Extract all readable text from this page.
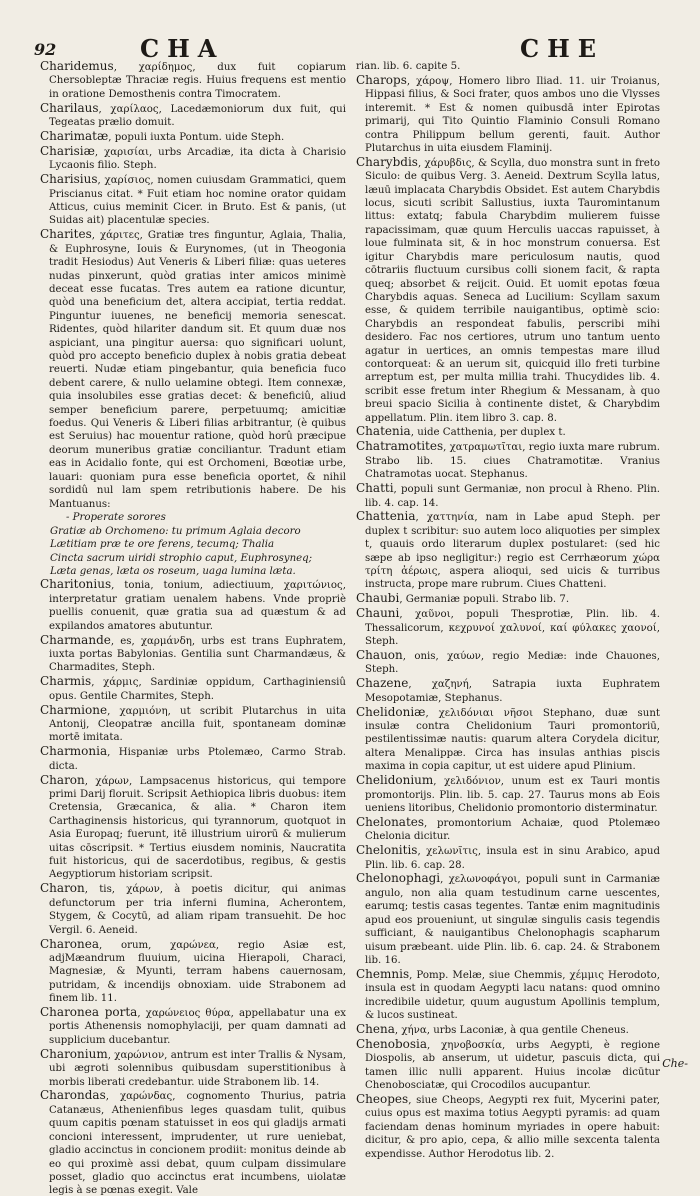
92	CHA	CHE

Charidemus, χαρίδημος, dux fuit copiarum Chersobleptæ Thraciæ regis. Huius frequens est mentio in oratione Demosthenis contra Timocratem.

Charilaus, χαρίλαος, Lacedæmoniorum dux fuit, qui Tegeatas prælio domuit.

Charimatæ, populi iuxta Pontum. uide Steph.

Charisiæ, χαρισίαι, urbs Arcadiæ, ita dicta à Charisio Lycaonis filio. Steph.

Charisius, χαρίσιος, nomen cuiusdam Grammatici, quem Priscianus citat. * Fuit etiam hoc nomine orator quidam Atticus, cuius meminit Cicer. in Bruto. Est & panis, (ut Suidas ait) placentulæ species.

Charites, χάριτες, Gratiæ tres finguntur, Aglaia, Thalia, & Euphrosyne, Iouis & Eurynomes, (ut in Theogonia tradit Hesiodus) Aut Veneris & Liberi filiæ: quas ueteres nudas pinxerunt, quòd gratias inter amicos minimè deceat esse fucatas. Tres autem ea ratione dicuntur, quòd una beneficium det, altera accipiat, tertia reddat. Pinguntur iuuenes, ne beneficij memoria senescat. Ridentes, quòd hilariter dandum sit. Et quum duæ nos aspiciant, una pingitur auersa: quo significari uolunt, quòd pro accepto beneficio duplex à nobis gratia debeat reuerti. Nudæ etiam pingebantur, quia beneficia fuco debent carere, & nullo uelamine obtegi. Item connexæ, quia insolubiles esse gratias decet: & beneficiû, aliud semper beneficium parere, perpetuumq; amicitiæ foedus. Qui Veneris & Liberi filias arbitrantur, (è quibus est Seruius) hac mouentur ratione, quòd horû præcipue deorum muneribus gratiæ conciliantur. Tradunt etiam eas in Acidalio fonte, qui est Orchomeni, Bœotiæ urbe, lauari: quoniam pura esse beneficia oportet, & nihil sordidû nul lam spem retributionis habere. De his Mantuanus:

- Properate sorores

Gratiæ ab Orchomeno: tu primum Aglaia decoro

Lætitiam præ te ore ferens, tecumq; Thalia

Cincta sacrum uiridi strophio caput, Euphrosyneq;

Læta genas, læta os roseum, uaga lumina læta.

Charitonius, tonia, tonium, adiectiuum, χαριτώνιος, interpretatur gratiam uenalem habens. Vnde propriè puellis conuenit, quæ gratia sua ad quæstum & ad expilandos amatores abutuntur.

Charmande, es, χαρμάνδη, urbs est trans Euphratem, iuxta portas Babylonias. Gentilia sunt Charmandæus, & Charmadites, Steph.

Charmis, χάρμις, Sardiniæ oppidum, Carthaginiensiû opus. Gentile Charmites, Steph.

Charmione, χαρμιόνη, ut scribit Plutarchus in uita Antonij, Cleopatræ ancilla fuit, spontaneam dominæ mortē imitata.

Charmonia, Hispaniæ urbs Ptolemæo, Carmo Strab. dicta.

Charon, χάρων, Lampsacenus historicus, qui tempore primi Darij floruit. Scripsit Aethiopica libris duobus: item Cretensia, Græcanica, & alia. * Charon item Carthaginensis historicus, qui tyrannorum, quotquot in Asia Europaq; fuerunt, itē illustrium uirorū & mulierum uitas cōscripsit. * Tertius eiusdem nominis, Naucratita fuit historicus, qui de sacerdotibus, regibus, & gestis Aegyptiorum historiam scripsit.

Charon, tis, χάρων, à poetis dicitur, qui animas defunctorum per tria inferni flumina, Acherontem, Stygem, & Cocytū, ad aliam ripam transuehit. De hoc Vergil. 6. Aeneid.

Charonea, orum, χαρώνεα, regio Asiæ est, adjMæandrum fluuium, uicina Hierapoli, Characi, Magnesiæ, & Myunti, terram habens cauernosam, putridam, & incendijs obnoxiam. uide Strabonem ad finem lib. 11.

Charonea porta, χαρώνειος θύρα, appellabatur una ex portis Athenensis nomophylaciji, per quam damnati ad supplicium ducebantur.

Charonium, χαρώνιον, antrum est inter Trallis & Nysam, ubi ægroti solennibus quibusdam superstitionibus à morbis liberati credebantur. uide Strabonem lib. 14.

Charondas, χαρώνδας, cognomento Thurius, patria Catanæus, Athenienfibus leges quasdam tulit, quibus quum capitis pœnam statuisset in eos qui gladijs armati concioni interessent, imprudenter, ut rure ueniebat, gladio accinctus in concionem prodiit: monitus deinde ab eo qui proximè assi debat, quum culpam dissimulare posset, gladio quo accinctus erat incumbens, uiolatæ legis à se pœnas exegit. Vale

rian. lib. 6. capite 5.

Charops, χάροψ, Homero libro Iliad. 11. uir Troianus, Hippasi filius, & Soci frater, quos ambos uno die Vlysses interemit. * Est & nomen quibusdā inter Epirotas primarij, qui Tito Quintio Flaminio Consuli Romano contra Philippum bellum gerenti, fauit. Author Plutarchus in uita eiusdem Flaminij.

Charybdis, χάρυβδις, & Scylla, duo monstra sunt in freto Siculo: de quibus Verg. 3. Aeneid. Dextrum Scylla latus, læuū implacata Charybdis Obsidet. Est autem Charybdis locus, sicuti scribit Sallustius, iuxta Tauromintanum littus: extatq; fabula Charybdim mulierem fuisse rapacissimam, quæ quum Herculis uaccas rapuisset, à loue fulminata sit, & in hoc monstrum conuersa. Est igitur Charybdis mare periculosum nautis, quod cōtrariis fluctuum cursibus colli sionem facit, & rapta queq; absorbet & reijcit. Ouid. Et uomit epotas fœua Charybdis aquas. Seneca ad Lucilium: Scyllam saxum esse, & quidem terribile nauigantibus, optimè scio: Charybdis an respondeat fabulis, perscribi mihi desidero. Fac nos certiores, utrum uno tantum uento agatur in uertices, an omnis tempestas mare illud contorqueat: & an uerum sit, quicquid illo freti turbine arreptum est, per multa millia trahi. Thucydides lib. 4. scribit esse fretum inter Rhegium & Messanam, à quo breui spacio Sicilia à continente distet, & Charybdim appellatum. Plin. item libro 3. cap. 8.

Chatenia, uide Catthenia, per duplex t.

Chatramotites, χατραμωτῖται, regio iuxta mare rubrum. Strabo lib. 15. ciues Chatramotitæ. Vranius Chatramotas uocat. Stephanus.

Chatti, populi sunt Germaniæ, non procul à Rheno. Plin. lib. 4. cap. 14.

Chattenia, χαττηνία, nam in Labe apud Steph. per duplex t scribitur: suo autem loco aliquoties per simplex t, quauis ordo literarum duplex postularet: (sed hic sæpe ab ipso negligitur:) regio est Cerrhæorum χώρα τρίτη ἀέρωις, aspera alioqui, sed uicis & turribus instructa, prope mare rubrum. Ciues Chatteni.

Chaubi, Germaniæ populi. Strabo lib. 7.

Chauni, χαῦνοι, populi Thesprotiæ, Plin. lib. 4. Thessalicorum, κεχρυνοί χαλυνοί, καί φύλακες χαονοί, Steph.

Chauon, onis, χαύων, regio Mediæ: inde Chauones, Steph.

Chazene, χαζηνή, Satrapia iuxta Euphratem Mesopotamiæ, Stephanus.

Chelidoniæ, χελιδόνιαι νῆσοι Stephano, duæ sunt insulæ contra Chelidonium Tauri promontoriū, pestilentissimæ nautis: quarum altera Corydela dicitur, altera Menalippæ. Circa has insulas anthias piscis maxima in copia capitur, ut est uidere apud Plinium.

Chelidonium, χελιδόνιον, unum est ex Tauri montis promontorijs. Plin. lib. 5. cap. 27. Taurus mons ab Eois ueniens litoribus, Chelidonio promontorio disterminatur.

Chelonates, promontorium Achaiæ, quod Ptolemæo Chelonia dicitur.

Chelonitis, χελωνῖτις, insula est in sinu Arabico, apud Plin. lib. 6. cap. 28.

Chelonophagi, χελωνοφάγοι, populi sunt in Carmaniæ angulo, non alia quam testudinum carne uescentes, earumq; testis casas tegentes. Tantæ enim magnitudinis apud eos proueniunt, ut singulæ singulis casis tegendis sufficiant, & nauigantibus Chelonophagis scapharum uisum præbeant. uide Plin. lib. 6. cap. 24. & Strabonem lib. 16.

Chemnis, Pomp. Melæ, siue Chemmis, χέμμις Herodoto, insula est in quodam Aegypti lacu natans: quod omnino incredibile uidetur, quum augustum Apollinis templum, & lucos sustineat.

Chena, χήνα, urbs Laconiæ, à qua gentile Cheneus.

Chenobosia, χηνοβοσκία, urbs Aegypti, è regione Diospolis, ab anserum, ut uidetur, pascuis dicta, qui tamen illic nulli apparent. Huius incolæ dicūtur Chenobosciatæ, qui Crocodilos aucupantur.

Cheopes, siue Cheops, Aegypti rex fuit, Mycerini pater, cuius opus est maxima totius Aegypti pyramis: ad quam faciendam denas hominum myriades in opere habuit: dicitur, & pro apio, cepa, & allio mille sexcenta talenta expendisse. Author Herodotus lib. 2.

Che-
